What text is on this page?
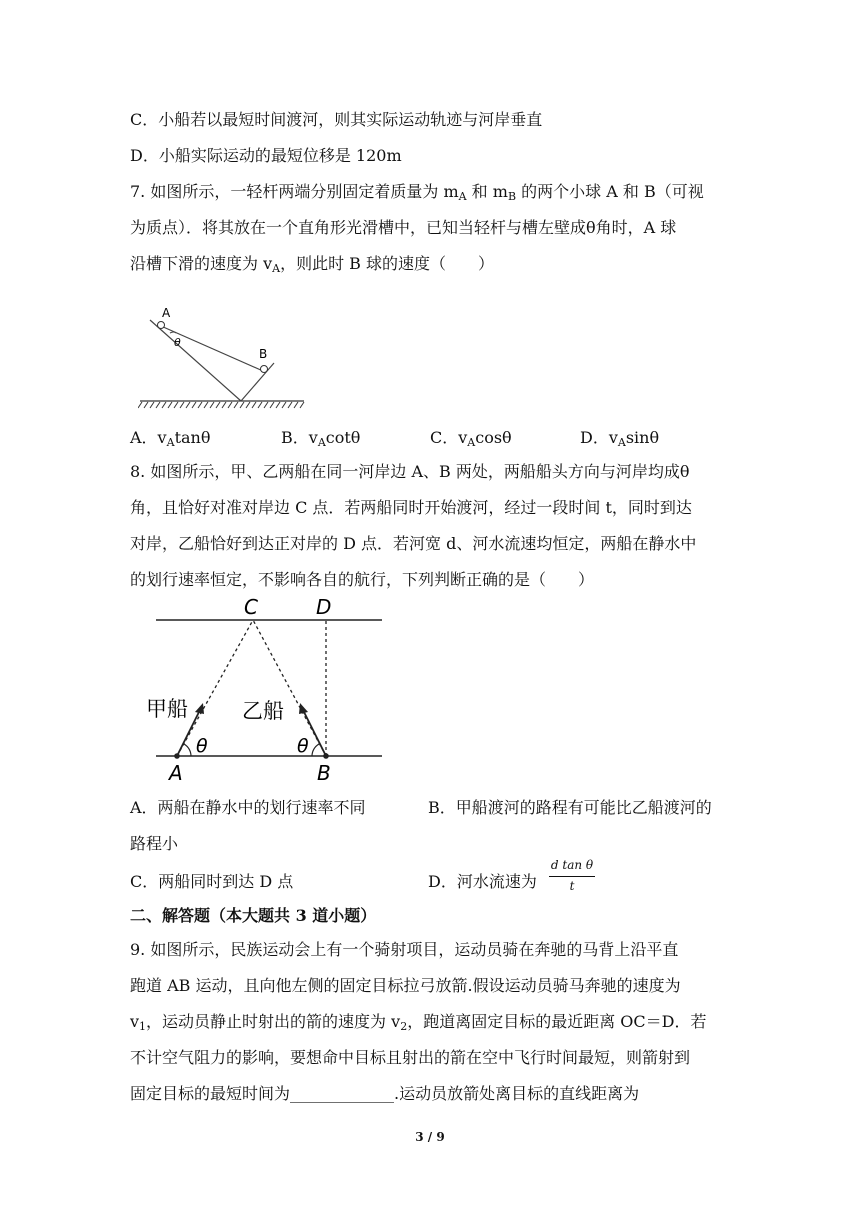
C．小船若以最短时间渡河，则其实际运动轨迹与河岸垂直
D．小船实际运动的最短位移是 120m
7. 如图所示，一轻杆两端分别固定着质量为 $m_A$ 和 $m_B$ 的两个小球 A 和 B（可视
为质点）．将其放在一个直角形光滑槽中，已知当轻杆与槽左壁成θ角时，A 球
沿槽下滑的速度为 $v_A$，则此时 B 球的速度（　　）
A
B
θ
A．$v_A\tan\theta$	B．$v_A\cot\theta$	C．$v_A\cos\theta$	D．$v_A\sin\theta$
8. 如图所示，甲、乙两船在同一河岸边 A、B 两处，两船船头方向与河岸均成θ
角，且恰好对准对岸边 C 点．若两船同时开始渡河，经过一段时间 t，同时到达
对岸，乙船恰好到达正对岸的 D 点．若河宽 d、河水流速均恒定，两船在静水中
的划行速率恒定，不影响各自的航行，下列判断正确的是（　　）
C	D
A	B
甲船	乙船
θ	θ
A．两船在静水中的划行速率不同	B．甲船渡河的路程有可能比乙船渡河的
路程小
C．两船同时到达 D 点	D．河水流速为
d tan θ
t
二、解答题（本大题共 3 道小题）
9. 如图所示，民族运动会上有一个骑射项目，运动员骑在奔驰的马背上沿平直
跑道 AB 运动，且向他左侧的固定目标拉弓放箭.假设运动员骑马奔驰的速度为
$v_1$，运动员静止时射出的箭的速度为 $v_2$，跑道离固定目标的最近距离 OC＝D．若
不计空气阻力的影响，要想命中目标且射出的箭在空中飞行时间最短，则箭射到
固定目标的最短时间为_____________.运动员放箭处离目标的直线距离为
3 / 9
